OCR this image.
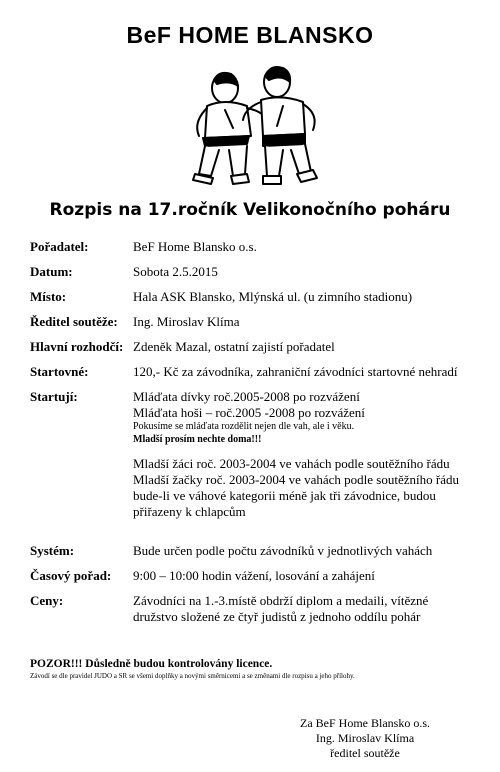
BeF HOME BLANSKO
Rozpis na 17.ročník Velikonočního poháru
Pořadatel:	BeF Home Blansko o.s.
Datum:	Sobota 2.5.2015
Místo:	Hala ASK Blansko, Mlýnská ul. (u zimního stadionu)
Ředitel soutěže: Ing. Miroslav Klíma
Hlavní rozhodčí: Zdeněk Mazal, ostatní zajistí pořadatel
Startovné:	120,- Kč za závodníka, zahraniční závodníci startovné nehradí
Startují:	Mláďata dívky roč.2005-2008 po rozvážení
Mláďata hoši – roč.2005 -2008 po rozvážení
Pokusíme se mláďata rozdělit nejen dle vah, ale i věku.
Mladší prosím nechte doma!!!
Mladší žáci roč. 2003-2004 ve vahách podle soutěžního řádu
Mladší žačky roč. 2003-2004 ve vahách podle soutěžního řádu
bude-li ve váhové kategorii méně jak tři závodnice, budou
přiřazeny k chlapcům
Systém:	Bude určen podle počtu závodníků v jednotlivých vahách
Časový pořad: 9:00 – 10:00 hodin vážení, losování a zahájení
Ceny:	Závodníci na 1.-3.místě obdrží diplom a medaili, vítězné
družstvo složené ze čtyř judistů z jednoho oddílu pohár
POZOR!!! Důsledně budou kontrolovány licence.
Závodí se dle pravidel JUDO a SR se všemi doplňky a novými směrnicemi a se změnami dle rozpisu a jeho přílohy.
Za BeF Home Blansko o.s.
Ing. Miroslav Klíma
ředitel soutěže
